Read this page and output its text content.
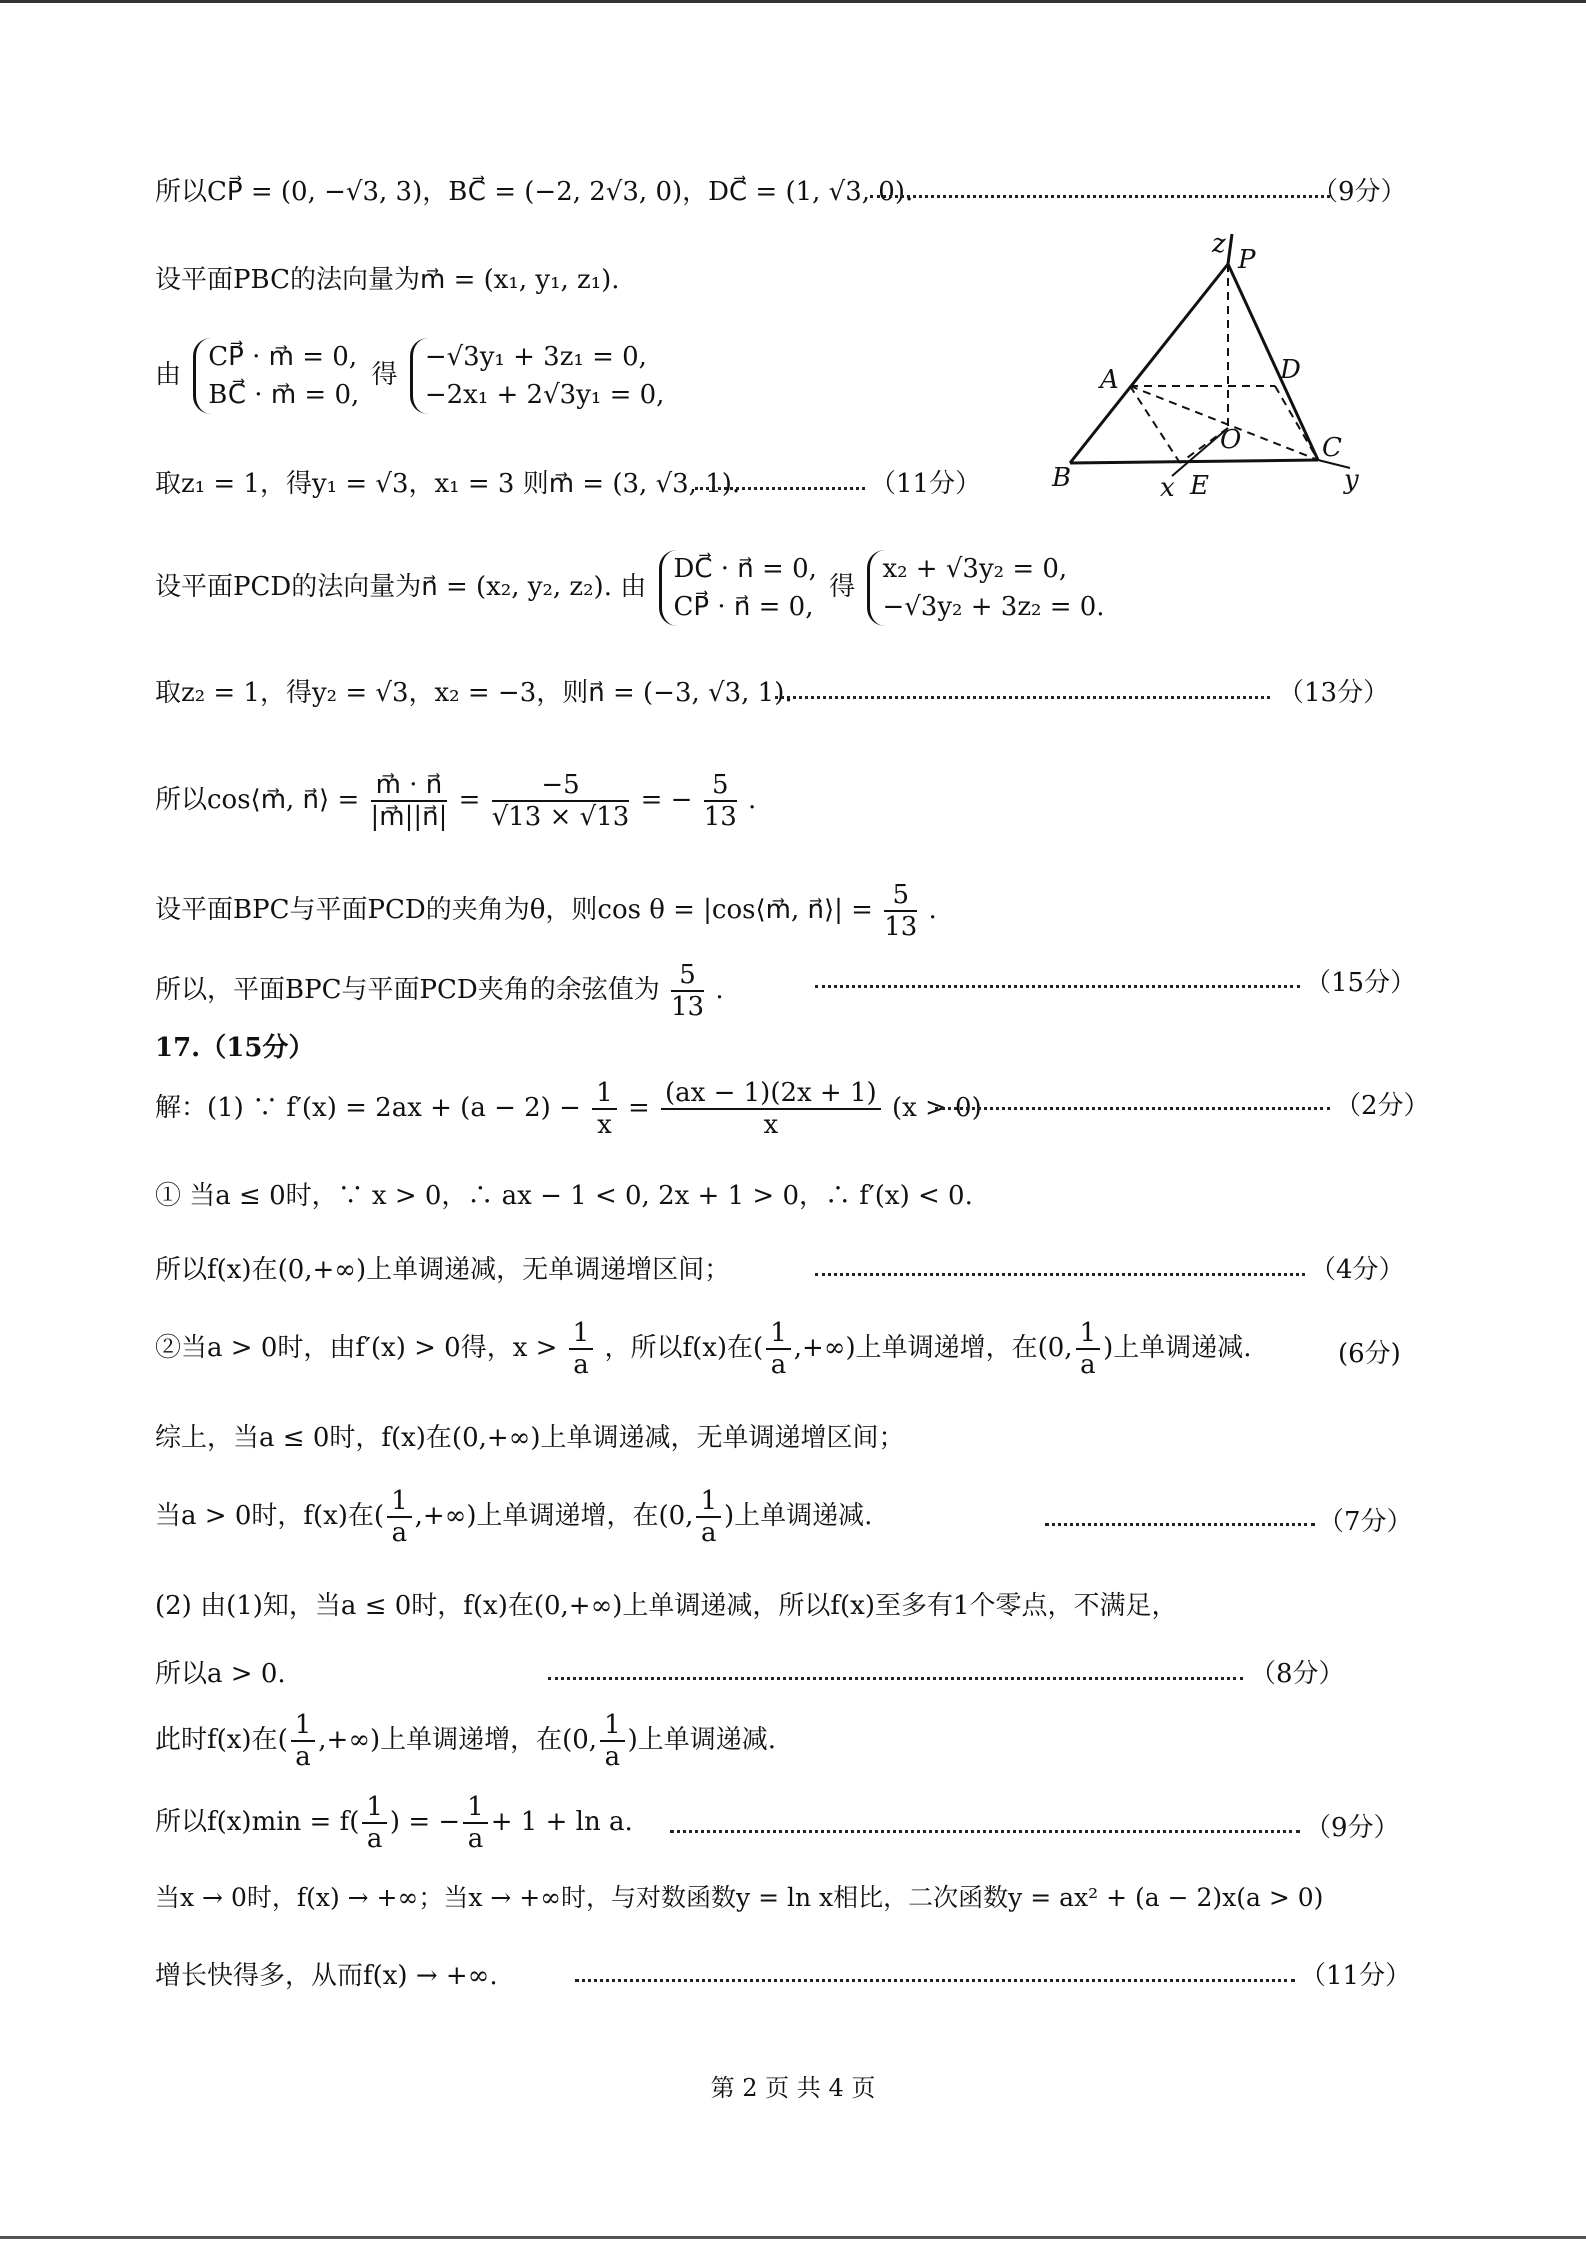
所以CP⃗ = (0, −√3, 3)，BC⃗ = (−2, 2√3, 0)，DC⃗ = (1, √3, 0).	（9分）
设平面PBC的法向量为m⃗ = (x₁, y₁, z₁).
由
CP⃗ · m⃗ = 0,
BC⃗ · m⃗ = 0,
得
−√3y₁ + 3z₁ = 0,
−2x₁ + 2√3y₁ = 0,
取z₁ = 1，得y₁ = √3，x₁ = 3 则m⃗ = (3, √3, 1).	（11分）
设平面PCD的法向量为n⃗ = (x₂, y₂, z₂). 由
DC⃗ · n⃗ = 0,
CP⃗ · n⃗ = 0,
得
x₂ + √3y₂ = 0,
−√3y₂ + 3z₂ = 0.
取z₂ = 1，得y₂ = √3，x₂ = −3，则n⃗ = (−3, √3, 1).	（13分）
所以cos⟨m⃗, n⃗⟩ = $\frac{m⃗ \cdot n⃗}{|m⃗||n⃗|} = \frac{-5}{√13 \times √13}$ = − $\frac{5}{13}$ .
设平面BPC与平面PCD的夹角为θ，则cos θ = |cos⟨m⃗, n⃗⟩| = $\frac{5}{13}$ .
所以，平面BPC与平面PCD夹角的余弦值为 $\frac{5}{13}$ .	（15分）
17.（15分）
解：(1) ∵ $f'(x) = 2ax + (a - 2) - \frac{1}{x} = \frac{(ax - 1)(2x + 1)}{x} (x > 0)$	（2分）
① 当a ≤ 0时，∵ x > 0，∴ ax − 1 < 0, 2x + 1 > 0，∴ f′(x) < 0.
所以f(x)在(0,+∞)上单调递减，无单调递增区间；	（4分）
②当a > 0时，由f′(x) > 0得，$x > \frac{1}{a}$ ，所以f(x)在( $\frac{1}{a}$ ,+∞)上单调递增，在(0, $\frac{1}{a}$ )上单调递减.	(6分)
综上，当a ≤ 0时，f(x)在(0,+∞)上单调递减，无单调递增区间；
当a > 0时，f(x)在( $\frac{1}{a}$ ,+∞)上单调递增，在(0, $\frac{1}{a}$ )上单调递减.	（7分）
(2) 由(1)知，当a ≤ 0时，f(x)在(0,+∞)上单调递减，所以f(x)至多有1个零点，不满足，
所以a > 0.	（8分）
此时f(x)在( $\frac{1}{a}$ ,+∞)上单调递增，在(0, $\frac{1}{a}$ )上单调递减.
所以$f(x)\min = f( \frac{1}{a}$ ) = − $\frac{1}{a} + 1 + \ln a$.	（9分）
当x → 0时，f(x) → +∞；当x → +∞时，与对数函数y = ln x相比，二次函数y = ax² + (a − 2)x(a > 0)
增长快得多，从而f(x) → +∞.	（11分）
z
P
A	D
O	C
y
B	x E
第 2 页 共 4 页
